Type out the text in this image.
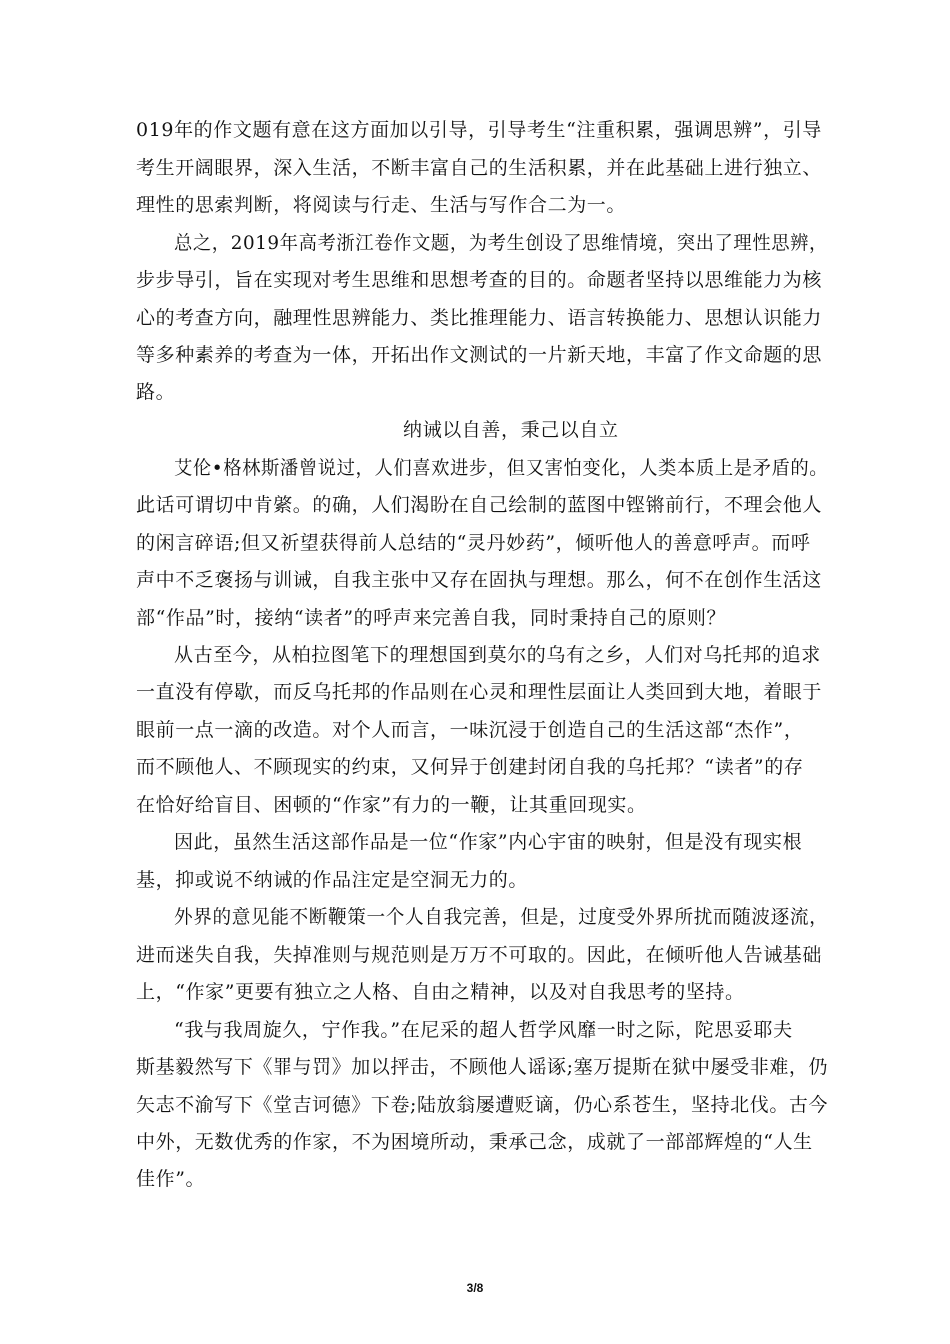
019年的作文题有意在这方面加以引导，引导考生“注重积累，强调思辨”，引导
考生开阔眼界，深入生活，不断丰富自己的生活积累，并在此基础上进行独立、
理性的思索判断，将阅读与行走、生活与写作合二为一。
总之，2019年高考浙江卷作文题，为考生创设了思维情境，突出了理性思辨，
步步导引，旨在实现对考生思维和思想考查的目的。命题者坚持以思维能力为核
心的考查方向，融理性思辨能力、类比推理能力、语言转换能力、思想认识能力
等多种素养的考查为一体，开拓出作文测试的一片新天地，丰富了作文命题的思
路。
纳诫以自善，秉己以自立
艾伦•格林斯潘曾说过，人们喜欢进步，但又害怕变化，人类本质上是矛盾的。
此话可谓切中肯綮。的确，人们渴盼在自己绘制的蓝图中铿锵前行，不理会他人
的闲言碎语;但又祈望获得前人总结的“灵丹妙药”，倾听他人的善意呼声。而呼
声中不乏褒扬与训诫，自我主张中又存在固执与理想。那么，何不在创作生活这
部“作品”时，接纳“读者”的呼声来完善自我，同时秉持自己的原则？
从古至今，从柏拉图笔下的理想国到莫尔的乌有之乡，人们对乌托邦的追求
一直没有停歇，而反乌托邦的作品则在心灵和理性层面让人类回到大地，着眼于
眼前一点一滴的改造。对个人而言，一味沉浸于创造自己的生活这部“杰作”，
而不顾他人、不顾现实的约束，又何异于创建封闭自我的乌托邦？“读者”的存
在恰好给盲目、困顿的“作家”有力的一鞭，让其重回现实。
因此，虽然生活这部作品是一位“作家”内心宇宙的映射，但是没有现实根
基，抑或说不纳诫的作品注定是空洞无力的。
外界的意见能不断鞭策一个人自我完善，但是，过度受外界所扰而随波逐流，
进而迷失自我，失掉准则与规范则是万万不可取的。因此，在倾听他人告诫基础
上，“作家”更要有独立之人格、自由之精神，以及对自我思考的坚持。
“我与我周旋久，宁作我。”在尼采的超人哲学风靡一时之际，陀思妥耶夫
斯基毅然写下《罪与罚》加以抨击，不顾他人谣诼;塞万提斯在狱中屡受非难，仍
矢志不渝写下《堂吉诃德》下卷;陆放翁屡遭贬谪，仍心系苍生，坚持北伐。古今
中外，无数优秀的作家，不为困境所动，秉承己念，成就了一部部辉煌的“人生
佳作”。
3/8
